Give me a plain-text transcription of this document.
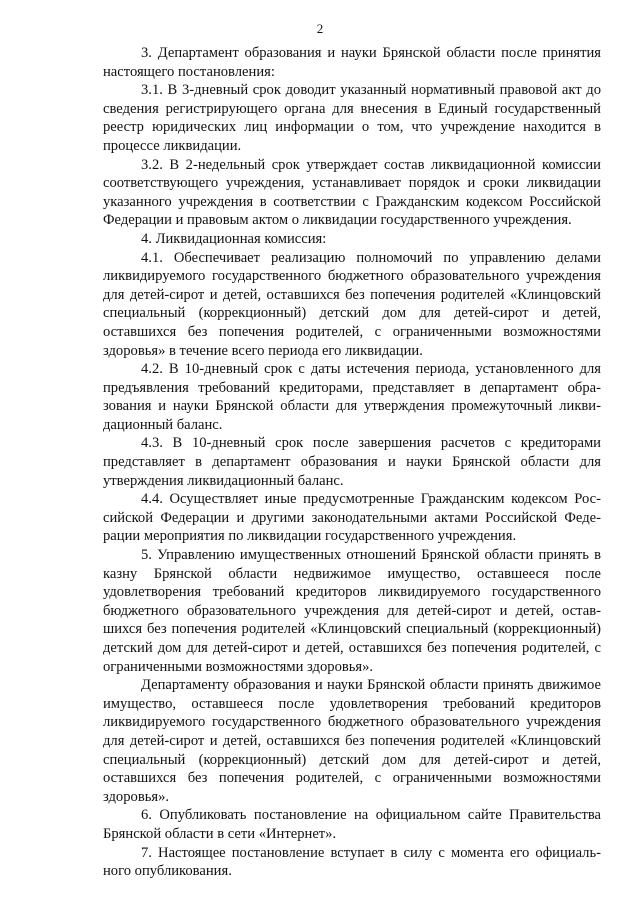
2

3. Департамент образования и науки Брянской области после принятия настоящего постановления:

3.1. В 3-дневный срок доводит указанный нормативный правовой акт до сведения регистрирующего органа для внесения в Единый государственный реестр юридических лиц информации о том, что учреждение находится в процессе ликвидации.

3.2. В 2-недельный срок утверждает состав ликвидационной комиссии соответствующего учреждения, устанавливает порядок и сроки ликвидации указанного учреждения в соответствии с Гражданским кодексом Российской Федерации и правовым актом о ликвидации государственного учреждения.

4. Ликвидационная комиссия:

4.1. Обеспечивает реализацию полномочий по управлению делами ликвидируемого государственного бюджетного образовательного учреждения для детей-сирот и детей, оставшихся без попечения родителей «Клинцовский специальный (коррекционный) детский дом для детей-сирот и детей, оставшихся без попечения родителей, с ограниченными возможностями здоровья» в течение всего периода его ликвидации.

4.2. В 10-дневный срок с даты истечения периода, установленного для предъявления требований кредиторами, представляет в департамент образования и науки Брянской области для утверждения промежуточный ликвидационный баланс.

4.3. В 10-дневный срок после завершения расчетов с кредиторами представляет в департамент образования и науки Брянской области для утверждения ликвидационный баланс.

4.4. Осуществляет иные предусмотренные Гражданским кодексом Российской Федерации и другими законодательными актами Российской Федерации мероприятия по ликвидации государственного учреждения.

5. Управлению имущественных отношений Брянской области принять в казну Брянской области недвижимое имущество, оставшееся после удовлетворения требований кредиторов ликвидируемого государственного бюджетного образовательного учреждения для детей-сирот и детей, оставшихся без попечения родителей «Клинцовский специальный (коррекционный) детский дом для детей-сирот и детей, оставшихся без попечения родителей, с ограниченными возможностями здоровья».

Департаменту образования и науки Брянской области принять движимое имущество, оставшееся после удовлетворения требований кредиторов ликвидируемого государственного бюджетного образовательного учреждения для детей-сирот и детей, оставшихся без попечения родителей «Клинцовский специальный (коррекционный) детский дом для детей-сирот и детей, оставшихся без попечения родителей, с ограниченными возможностями здоровья».

6. Опубликовать постановление на официальном сайте Правительства Брянской области в сети «Интернет».

7. Настоящее постановление вступает в силу с момента его официального опубликования.
